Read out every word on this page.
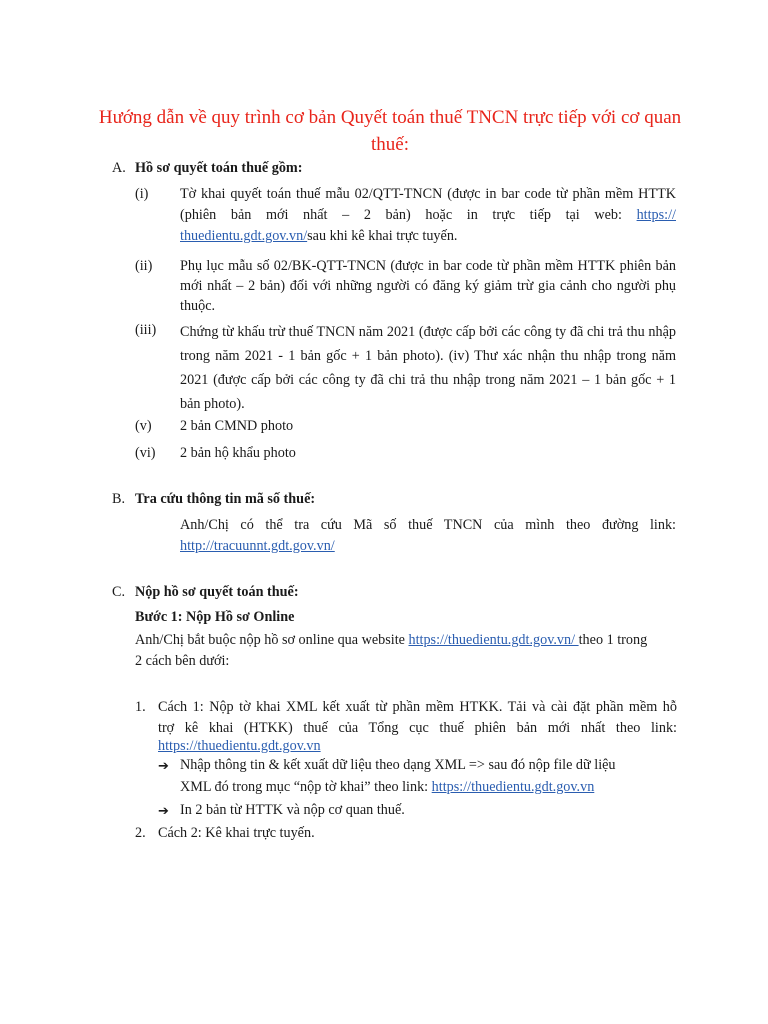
Hướng dẫn về quy trình cơ bản Quyết toán thuế TNCN trực tiếp với cơ quan thuế:
A. Hồ sơ quyết toán thuế gồm:
(i) Tờ khai quyết toán thuế mẫu 02/QTT-TNCN (được in bar code từ phần mềm HTTK (phiên bản mới nhất – 2 bản) hoặc in trực tiếp tại web: https:// thuedientu.gdt.gov.vn/sau khi kê khai trực tuyến.
(ii) Phụ lục mẫu số 02/BK-QTT-TNCN (được in bar code từ phần mềm HTTK phiên bản mới nhất – 2 bản) đối với những người có đăng ký giảm trừ gia cảnh cho người phụ thuộc.
(iii) Chứng từ khấu trừ thuế TNCN năm 2021 (được cấp bởi các công ty đã chi trả thu nhập trong năm 2021 - 1 bản gốc + 1 bản photo). (iv) Thư xác nhận thu nhập trong năm 2021 (được cấp bởi các công ty đã chi trả thu nhập trong năm 2021 – 1 bản gốc + 1 bản photo).
(v) 2 bản CMND photo
(vi) 2 bản hộ khẩu photo
B. Tra cứu thông tin mã số thuế:
Anh/Chị có thể tra cứu Mã số thuế TNCN của mình theo đường link:
http://tracuunnt.gdt.gov.vn/
C. Nộp hồ sơ quyết toán thuế:
Bước 1: Nộp Hồ sơ Online
Anh/Chị bắt buộc nộp hồ sơ online qua website https://thuedientu.gdt.gov.vn/ theo 1 trong
2 cách bên dưới:
1. Cách 1: Nộp tờ khai XML kết xuất từ phần mềm HTKK. Tải và cài đặt phần mềm hỗ
trợ kê khai (HTKK) thuế của Tổng cục thuế phiên bản mới nhất theo link:
https://thuedientu.gdt.gov.vn
➔ Nhập thông tin & kết xuất dữ liệu theo dạng XML => sau đó nộp file dữ liệu
XML đó trong mục “nộp tờ khai” theo link: https://thuedientu.gdt.gov.vn
➔ In 2 bản từ HTTK và nộp cơ quan thuế.
2. Cách 2: Kê khai trực tuyến.
